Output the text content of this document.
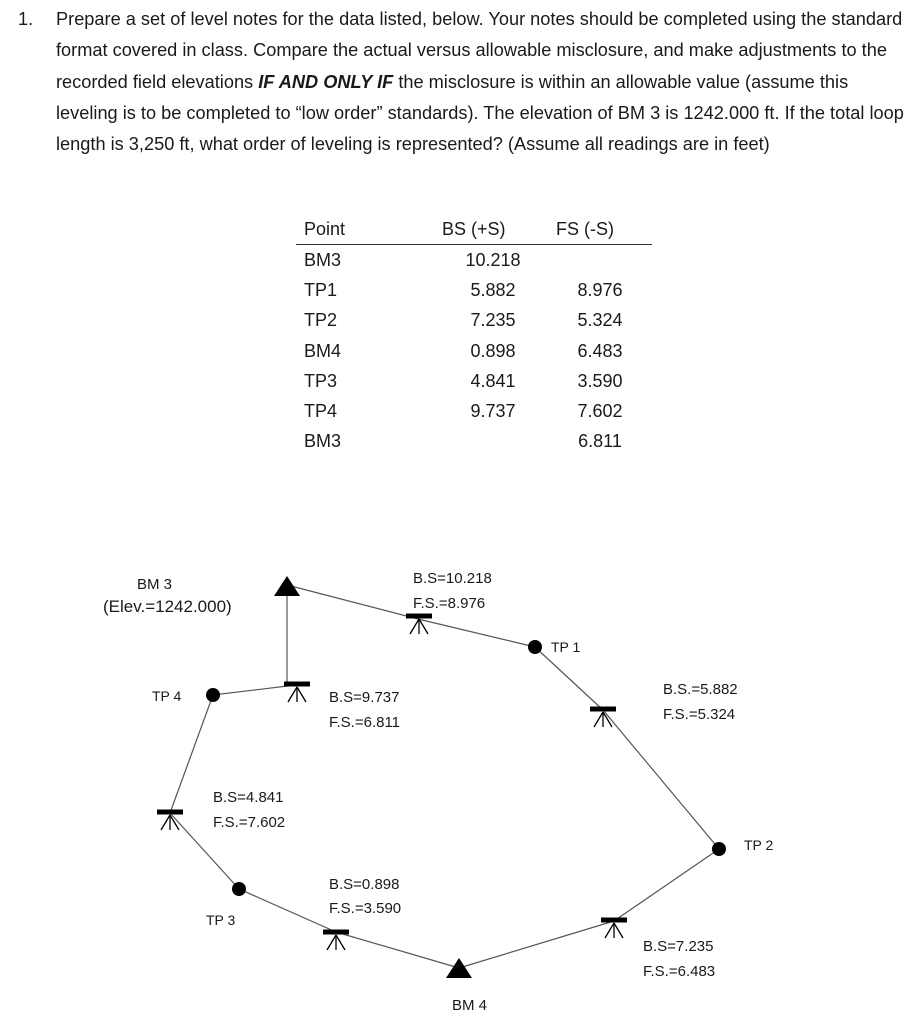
1. Prepare a set of level notes for the data listed, below. Your notes should be completed using the standard format covered in class. Compare the actual versus allowable misclosure, and make adjustments to the recorded field elevations IF AND ONLY IF the misclosure is within an allowable value (assume this leveling is to be completed to “low order” standards). The elevation of BM 3 is 1242.000 ft. If the total loop length is 3,250 ft, what order of leveling is represented? (Assume all readings are in feet)
Point	BS (+S)	FS (-S)
BM3	10.218	
TP1	5.882	8.976
TP2	7.235	5.324
BM4	0.898	6.483
TP3	4.841	3.590
TP4	9.737	7.602
BM3		6.811
BM 3
(Elev.=1242.000)
TP 1
TP 2
TP 3
TP 4
BM 4
B.S=10.218
F.S.=8.976
B.S.=5.882
F.S.=5.324
B.S=7.235
F.S.=6.483
B.S=0.898
F.S.=3.590
B.S=4.841
F.S.=7.602
B.S=9.737
F.S.=6.811
